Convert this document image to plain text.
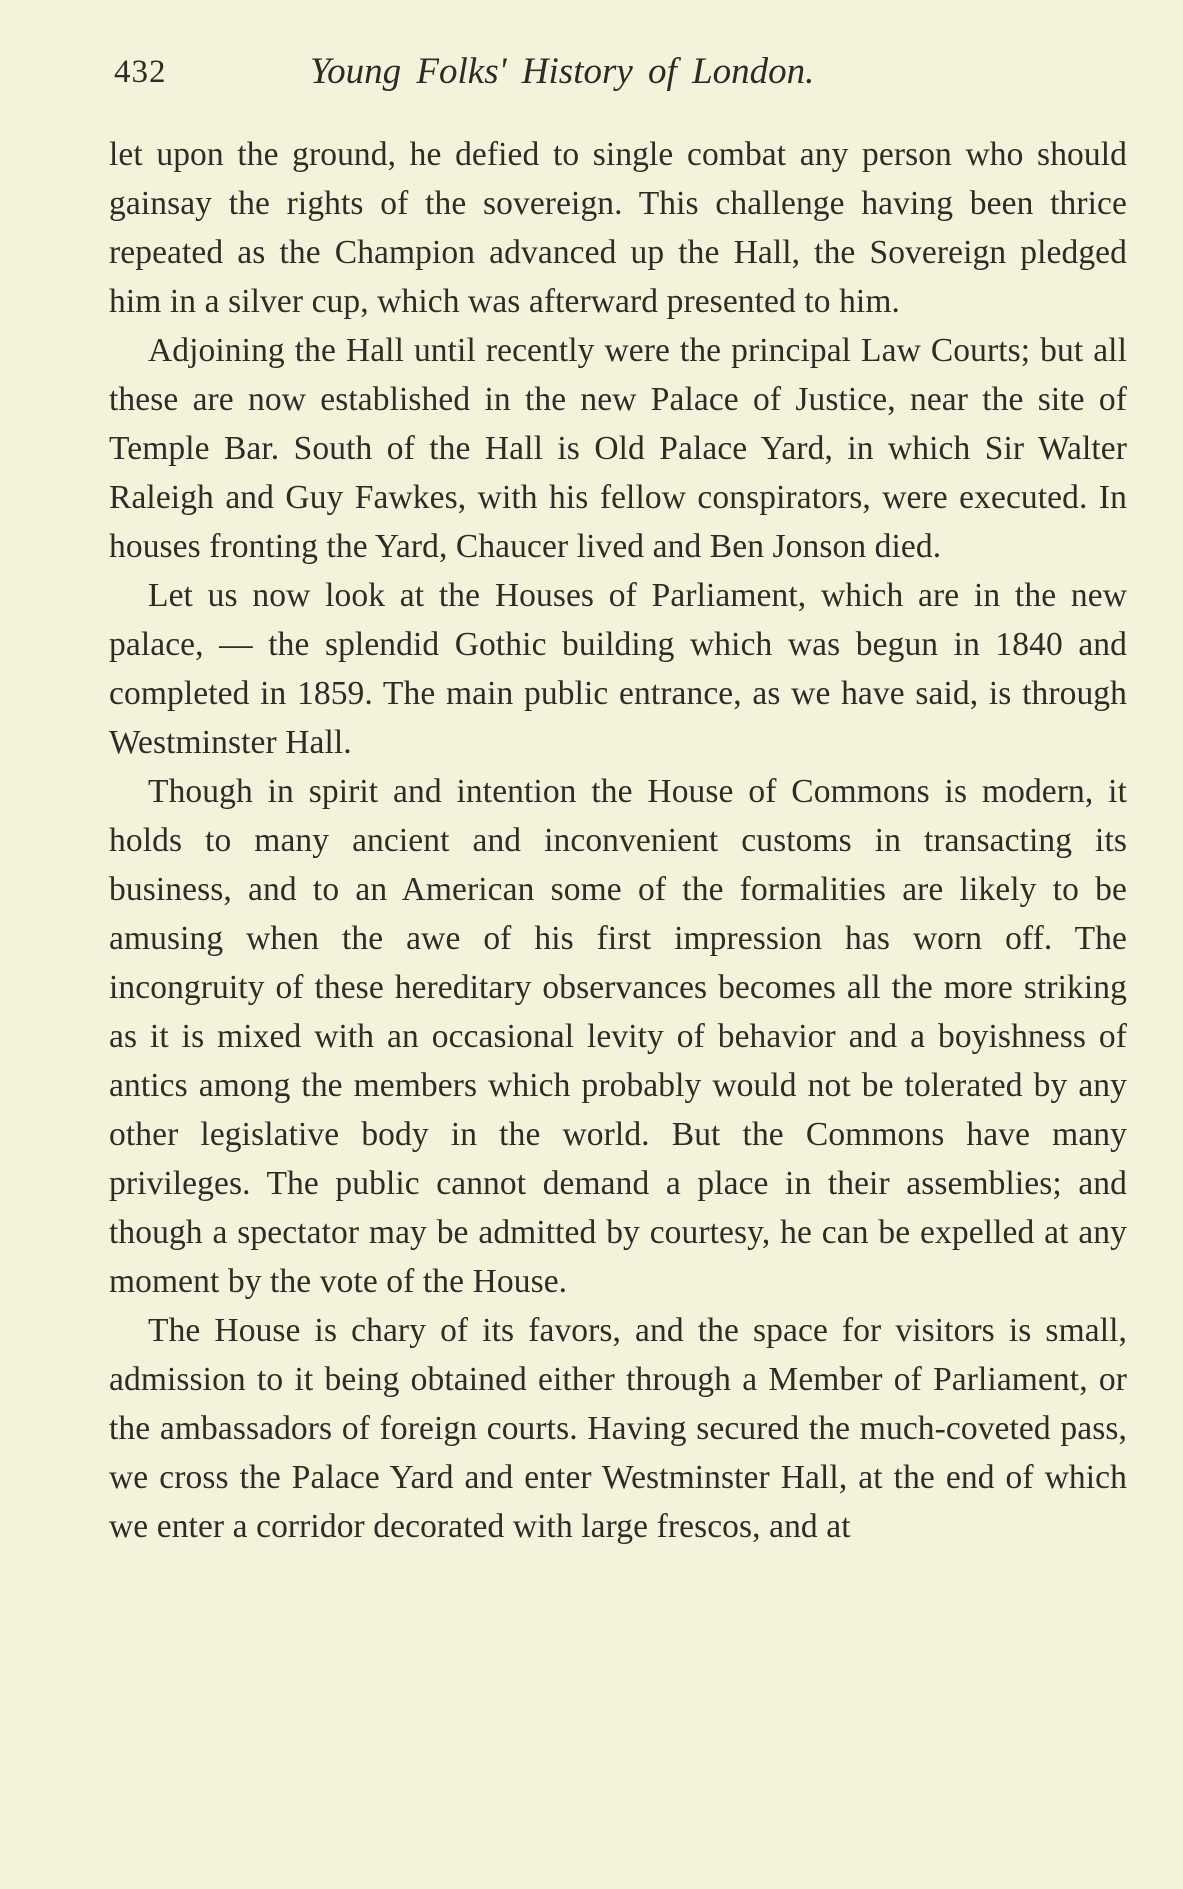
432	Young Folks' History of London.

let upon the ground, he defied to single combat any person who should gainsay the rights of the sovereign. This challenge having been thrice repeated as the Champion advanced up the Hall, the Sovereign pledged him in a silver cup, which was afterward presented to him.

Adjoining the Hall until recently were the principal Law Courts; but all these are now established in the new Palace of Justice, near the site of Temple Bar. South of the Hall is Old Palace Yard, in which Sir Walter Raleigh and Guy Fawkes, with his fellow conspirators, were executed. In houses fronting the Yard, Chaucer lived and Ben Jonson died.

Let us now look at the Houses of Parliament, which are in the new palace, — the splendid Gothic building which was begun in 1840 and completed in 1859. The main public entrance, as we have said, is through Westminster Hall.

Though in spirit and intention the House of Commons is modern, it holds to many ancient and inconvenient customs in transacting its business, and to an American some of the formalities are likely to be amusing when the awe of his first impression has worn off. The incongruity of these hereditary observances becomes all the more striking as it is mixed with an occasional levity of behavior and a boyishness of antics among the members which probably would not be tolerated by any other legislative body in the world. But the Commons have many privileges. The public cannot demand a place in their assemblies; and though a spectator may be admitted by courtesy, he can be expelled at any moment by the vote of the House.

The House is chary of its favors, and the space for visitors is small, admission to it being obtained either through a Member of Parliament, or the ambassadors of foreign courts. Having secured the much-coveted pass, we cross the Palace Yard and enter Westminster Hall, at the end of which we enter a corridor decorated with large frescos, and at
